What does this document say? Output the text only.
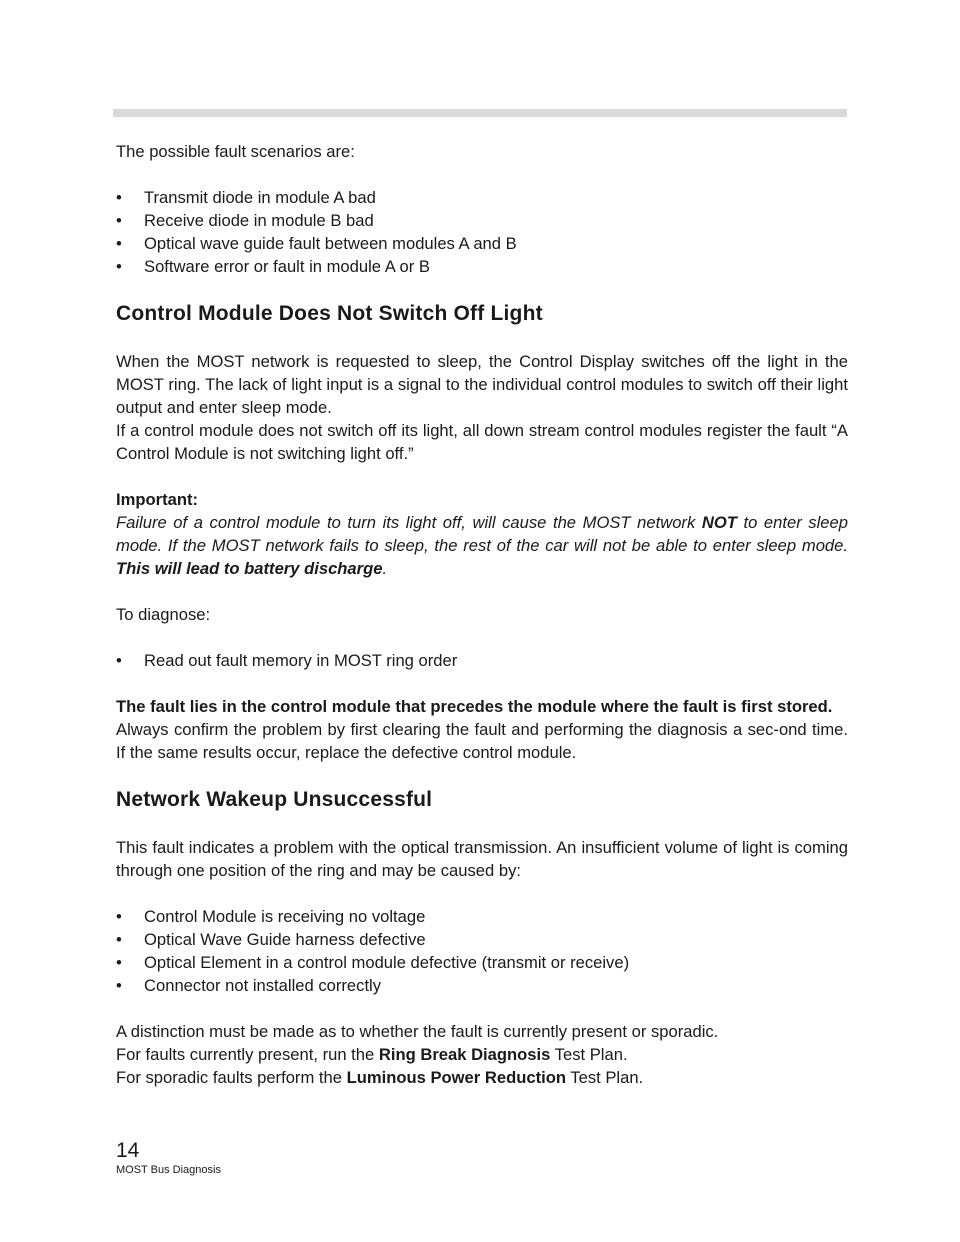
The possible fault scenarios are:

• Transmit diode in module A bad
• Receive diode in module B bad
• Optical wave guide fault between modules A and B
• Software error or fault in module A or B
Control Module Does Not Switch Off Light

When the MOST network is requested to sleep, the Control Display switches off the light in the MOST ring. The lack of light input is a signal to the individual control modules to switch off their light output and enter sleep mode.

If a control module does not switch off its light, all down stream control modules register the fault “A Control Module is not switching light off.”

Important:

Failure of a control module to turn its light off, will cause the MOST network NOT to enter sleep mode. If the MOST network fails to sleep, the rest of the car will not be able to enter sleep mode. This will lead to battery discharge.

To diagnose:

• Read out fault memory in MOST ring order

The fault lies in the control module that precedes the module where the fault is first stored.

Always confirm the problem by first clearing the fault and performing the diagnosis a sec-ond time. If the same results occur, replace the defective control module.

Network Wakeup Unsuccessful

This fault indicates a problem with the optical transmission. An insufficient volume of light is coming through one position of the ring and may be caused by:

• Control Module is receiving no voltage
• Optical Wave Guide harness defective
• Optical Element in a control module defective (transmit or receive)
• Connector not installed correctly

A distinction must be made as to whether the fault is currently present or sporadic.

For faults currently present, run the Ring Break Diagnosis Test Plan.

For sporadic faults perform the Luminous Power Reduction Test Plan.

14
MOST Bus Diagnosis
